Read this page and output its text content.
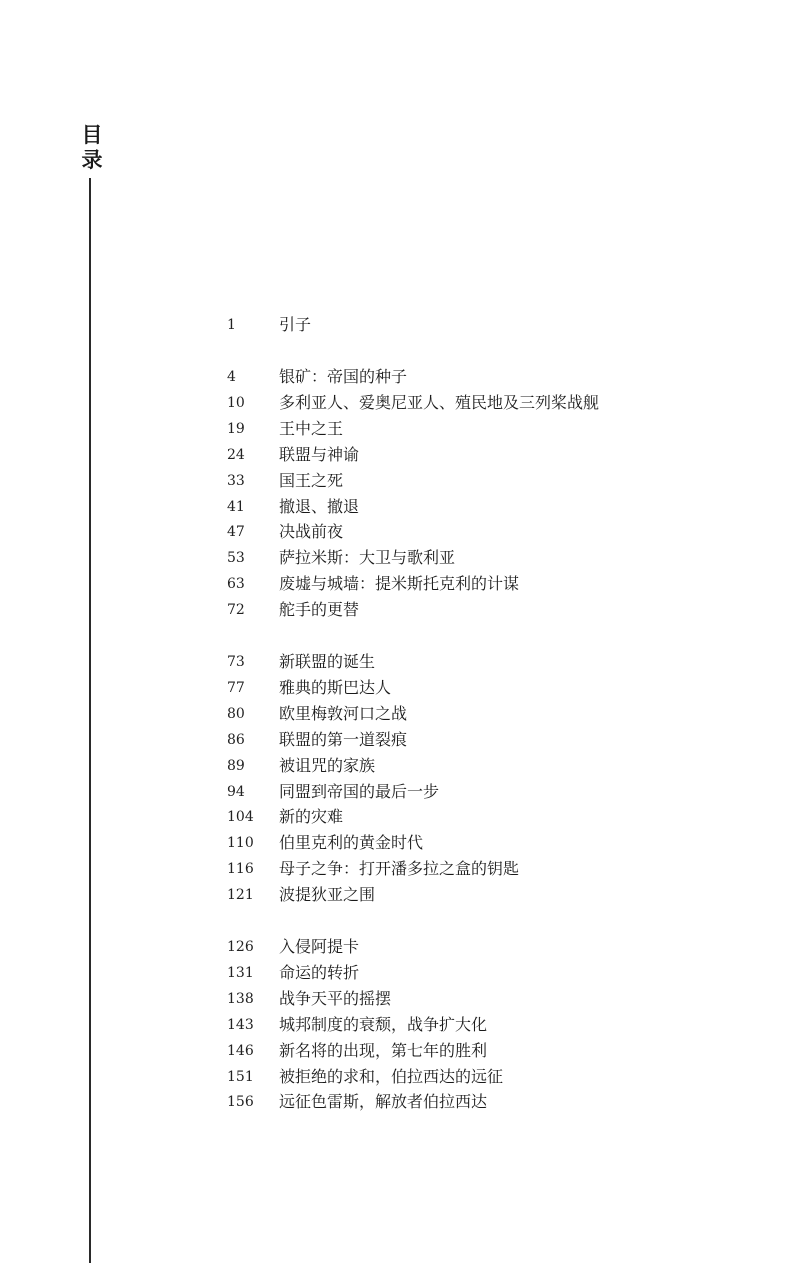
目录
1	引子
4	银矿：帝国的种子
10 多利亚人、爱奥尼亚人、殖民地及三列桨战舰
19 王中之王
24 联盟与神谕
33 国王之死
41 撤退、撤退
47 决战前夜
53 萨拉米斯：大卫与歌利亚
63 废墟与城墙：提米斯托克利的计谋
72 舵手的更替
73 新联盟的诞生
77 雅典的斯巴达人
80 欧里梅敦河口之战
86 联盟的第一道裂痕
89 被诅咒的家族
94 同盟到帝国的最后一步
104 新的灾难
110 伯里克利的黄金时代
116 母子之争：打开潘多拉之盒的钥匙
121 波提狄亚之围
126 入侵阿提卡
131 命运的转折
138 战争天平的摇摆
143 城邦制度的衰颓，战争扩大化
146 新名将的出现，第七年的胜利
151 被拒绝的求和，伯拉西达的远征
156 远征色雷斯，解放者伯拉西达
